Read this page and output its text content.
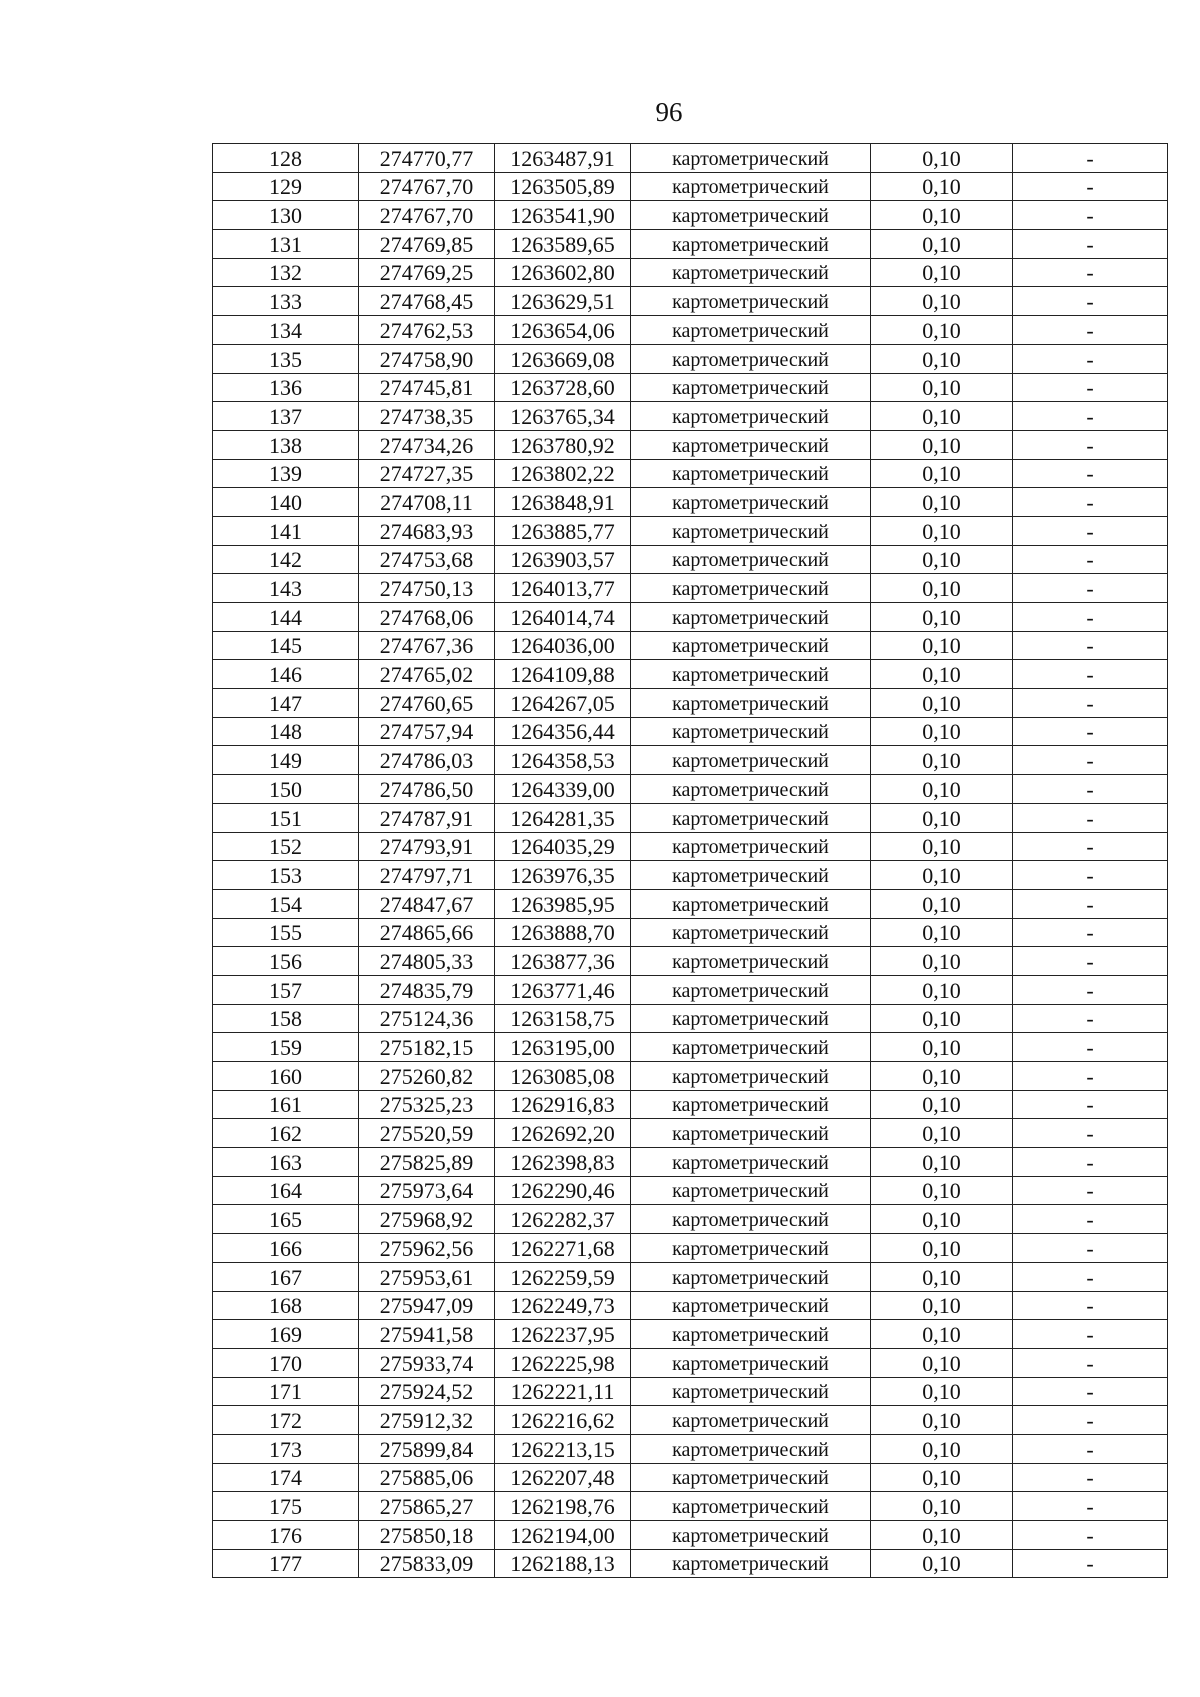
96
128	274770,77	1263487,91	картометрический	0,10	-
129	274767,70	1263505,89	картометрический	0,10	-
130	274767,70	1263541,90	картометрический	0,10	-
131	274769,85	1263589,65	картометрический	0,10	-
132	274769,25	1263602,80	картометрический	0,10	-
133	274768,45	1263629,51	картометрический	0,10	-
134	274762,53	1263654,06	картометрический	0,10	-
135	274758,90	1263669,08	картометрический	0,10	-
136	274745,81	1263728,60	картометрический	0,10	-
137	274738,35	1263765,34	картометрический	0,10	-
138	274734,26	1263780,92	картометрический	0,10	-
139	274727,35	1263802,22	картометрический	0,10	-
140	274708,11	1263848,91	картометрический	0,10	-
141	274683,93	1263885,77	картометрический	0,10	-
142	274753,68	1263903,57	картометрический	0,10	-
143	274750,13	1264013,77	картометрический	0,10	-
144	274768,06	1264014,74	картометрический	0,10	-
145	274767,36	1264036,00	картометрический	0,10	-
146	274765,02	1264109,88	картометрический	0,10	-
147	274760,65	1264267,05	картометрический	0,10	-
148	274757,94	1264356,44	картометрический	0,10	-
149	274786,03	1264358,53	картометрический	0,10	-
150	274786,50	1264339,00	картометрический	0,10	-
151	274787,91	1264281,35	картометрический	0,10	-
152	274793,91	1264035,29	картометрический	0,10	-
153	274797,71	1263976,35	картометрический	0,10	-
154	274847,67	1263985,95	картометрический	0,10	-
155	274865,66	1263888,70	картометрический	0,10	-
156	274805,33	1263877,36	картометрический	0,10	-
157	274835,79	1263771,46	картометрический	0,10	-
158	275124,36	1263158,75	картометрический	0,10	-
159	275182,15	1263195,00	картометрический	0,10	-
160	275260,82	1263085,08	картометрический	0,10	-
161	275325,23	1262916,83	картометрический	0,10	-
162	275520,59	1262692,20	картометрический	0,10	-
163	275825,89	1262398,83	картометрический	0,10	-
164	275973,64	1262290,46	картометрический	0,10	-
165	275968,92	1262282,37	картометрический	0,10	-
166	275962,56	1262271,68	картометрический	0,10	-
167	275953,61	1262259,59	картометрический	0,10	-
168	275947,09	1262249,73	картометрический	0,10	-
169	275941,58	1262237,95	картометрический	0,10	-
170	275933,74	1262225,98	картометрический	0,10	-
171	275924,52	1262221,11	картометрический	0,10	-
172	275912,32	1262216,62	картометрический	0,10	-
173	275899,84	1262213,15	картометрический	0,10	-
174	275885,06	1262207,48	картометрический	0,10	-
175	275865,27	1262198,76	картометрический	0,10	-
176	275850,18	1262194,00	картометрический	0,10	-
177	275833,09	1262188,13	картометрический	0,10	-
